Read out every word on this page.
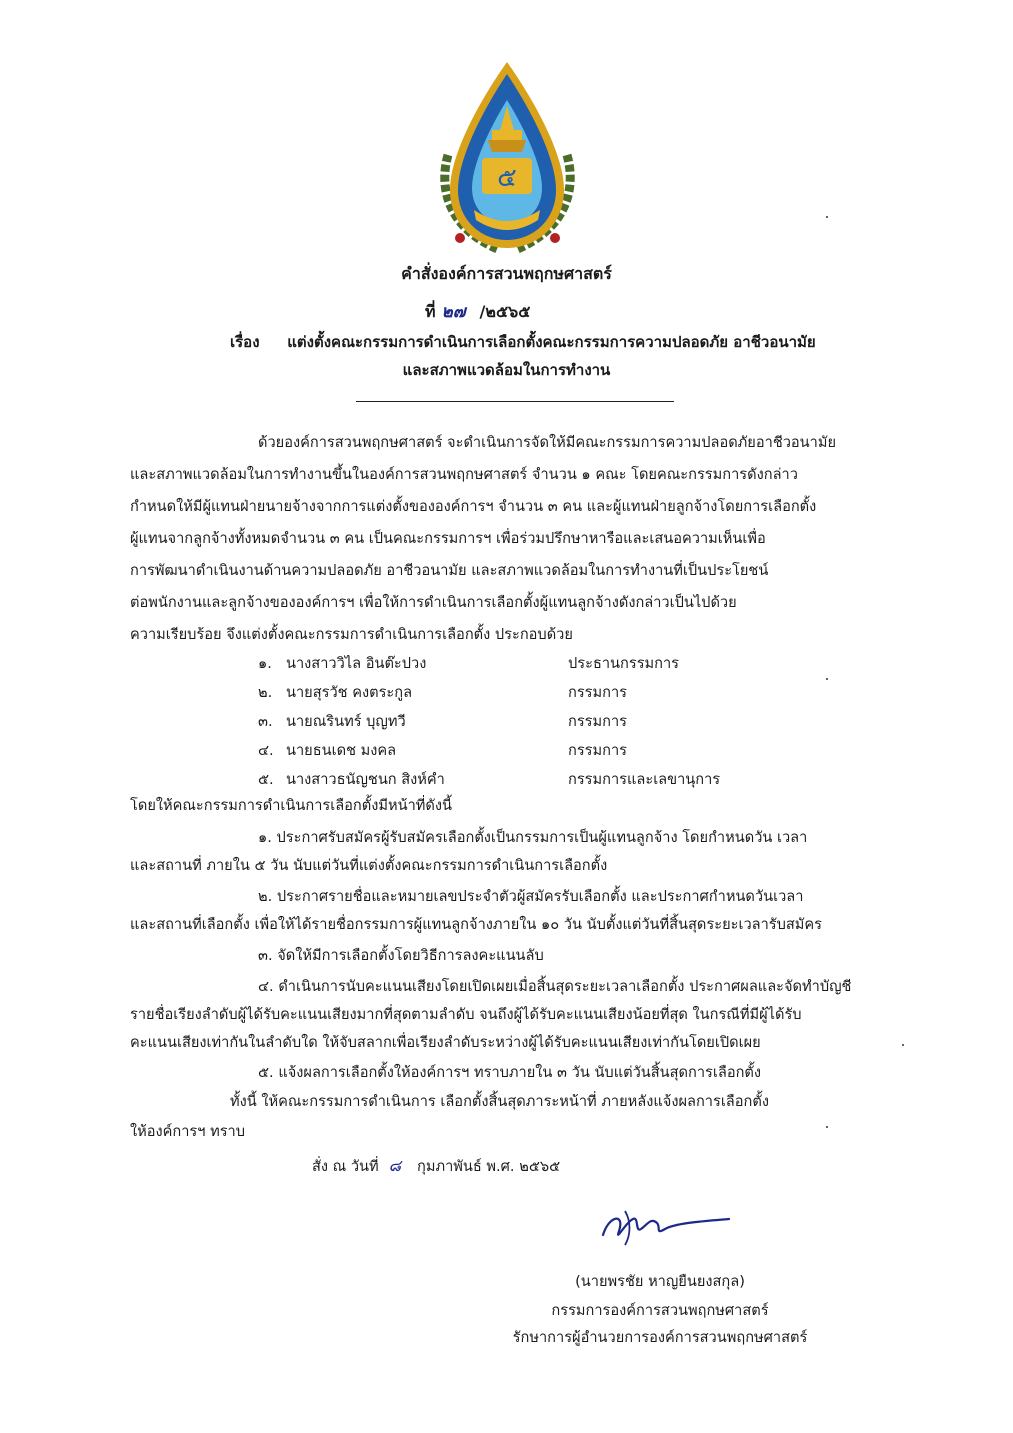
๕
คำสั่งองค์การสวนพฤกษศาสตร์
ที่ ๒๗ /๒๕๖๕
เรื่อง แต่งตั้งคณะกรรมการดำเนินการเลือกตั้งคณะกรรมการความปลอดภัย อาชีวอนามัย
และสภาพแวดล้อมในการทำงาน
ด้วยองค์การสวนพฤกษศาสตร์ จะดำเนินการจัดให้มีคณะกรรมการความปลอดภัยอาชีวอนามัย
และสภาพแวดล้อมในการทำงานขึ้นในองค์การสวนพฤกษศาสตร์ จำนวน ๑ คณะ โดยคณะกรรมการดังกล่าว
กำหนดให้มีผู้แทนฝ่ายนายจ้างจากการแต่งตั้งขององค์การฯ จำนวน ๓ คน และผู้แทนฝ่ายลูกจ้างโดยการเลือกตั้ง
ผู้แทนจากลูกจ้างทั้งหมดจำนวน ๓ คน เป็นคณะกรรมการฯ เพื่อร่วมปรึกษาหารือและเสนอความเห็นเพื่อ
การพัฒนาดำเนินงานด้านความปลอดภัย อาชีวอนามัย และสภาพแวดล้อมในการทำงานที่เป็นประโยชน์
ต่อพนักงานและลูกจ้างขององค์การฯ เพื่อให้การดำเนินการเลือกตั้งผู้แทนลูกจ้างดังกล่าวเป็นไปด้วย
ความเรียบร้อย จึงแต่งตั้งคณะกรรมการดำเนินการเลือกตั้ง ประกอบด้วย
๑. นางสาววิไล อินต๊ะปวง	ประธานกรรมการ
๒. นายสุรวัช คงตระกูล	กรรมการ
๓. นายณรินทร์ บุญทวี	กรรมการ
๔. นายธนเดช มงคล	กรรมการ
๕. นางสาวธนัญชนก สิงห์คำ	กรรมการและเลขานุการ
โดยให้คณะกรรมการดำเนินการเลือกตั้งมีหน้าที่ดังนี้
๑. ประกาศรับสมัครผู้รับสมัครเลือกตั้งเป็นกรรมการเป็นผู้แทนลูกจ้าง โดยกำหนดวัน เวลา
และสถานที่ ภายใน ๕ วัน นับแต่วันที่แต่งตั้งคณะกรรมการดำเนินการเลือกตั้ง
๒. ประกาศรายชื่อและหมายเลขประจำตัวผู้สมัครรับเลือกตั้ง และประกาศกำหนดวันเวลา
และสถานที่เลือกตั้ง เพื่อให้ได้รายชื่อกรรมการผู้แทนลูกจ้างภายใน ๑๐ วัน นับตั้งแต่วันที่สิ้นสุดระยะเวลารับสมัคร
๓. จัดให้มีการเลือกตั้งโดยวิธีการลงคะแนนลับ
๔. ดำเนินการนับคะแนนเสียงโดยเปิดเผยเมื่อสิ้นสุดระยะเวลาเลือกตั้ง ประกาศผลและจัดทำบัญชี
รายชื่อเรียงลำดับผู้ได้รับคะแนนเสียงมากที่สุดตามลำดับ จนถึงผู้ได้รับคะแนนเสียงน้อยที่สุด ในกรณีที่มีผู้ได้รับ
คะแนนเสียงเท่ากันในลำดับใด ให้จับสลากเพื่อเรียงลำดับระหว่างผู้ได้รับคะแนนเสียงเท่ากันโดยเปิดเผย
๕. แจ้งผลการเลือกตั้งให้องค์การฯ ทราบภายใน ๓ วัน นับแต่วันสิ้นสุดการเลือกตั้ง
ทั้งนี้ ให้คณะกรรมการดำเนินการ เลือกตั้งสิ้นสุดภาระหน้าที่ ภายหลังแจ้งผลการเลือกตั้ง
ให้องค์การฯ ทราบ
สั่ง ณ วันที่ ๘ กุมภาพันธ์ พ.ศ. ๒๕๖๕
(นายพรชัย หาญยืนยงสกุล)
กรรมการองค์การสวนพฤกษศาสตร์
รักษาการผู้อำนวยการองค์การสวนพฤกษศาสตร์
